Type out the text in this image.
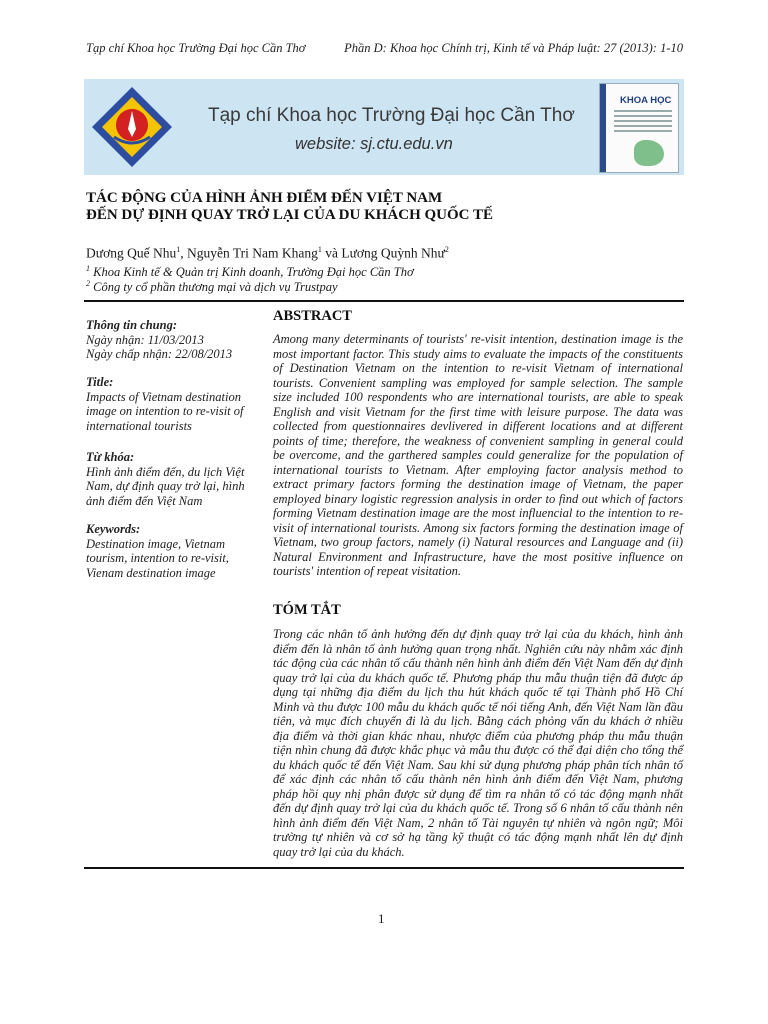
Tạp chí Khoa học Trường Đại học Cần Thơ	Phần D: Khoa học Chính trị, Kinh tế và Pháp luật: 27 (2013): 1-10
Tạp chí Khoa học Trường Đại học Cần Thơ
website: sj.ctu.edu.vn
KHOA HỌC
TÁC ĐỘNG CỦA HÌNH ẢNH ĐIỂM ĐẾN VIỆT NAM
ĐẾN DỰ ĐỊNH QUAY TRỞ LẠI CỦA DU KHÁCH QUỐC TẾ
Dương Quế Nhu$^1$, Nguyễn Tri Nam Khang$^1$ và Lương Quỳnh Như$^2$
$^1$ Khoa Kinh tế & Quản trị Kinh doanh, Trường Đại học Cần Thơ
$^2$ Công ty cổ phần thương mại và dịch vụ Trustpay
Thông tin chung:
Ngày nhận: 11/03/2013
Ngày chấp nhận: 22/08/2013
Title:
Impacts of Vietnam destination image on intention to re-visit of international tourists
Từ khóa:
Hình ảnh điểm đến, du lịch Việt Nam, dự định quay trở lại, hình ảnh điểm đến Việt Nam
Keywords:
Destination image, Vietnam tourism, intention to re-visit, Vienam destination image
ABSTRACT
Among many determinants of tourists' re-visit intention, destination image is the most important factor. This study aims to evaluate the impacts of the constituents of Destination Vietnam on the intention to re-visit Vietnam of international tourists. Convenient sampling was employed for sample selection. The sample size included 100 respondents who are international tourists, are able to speak English and visit Vietnam for the first time with leisure purpose. The data was collected from questionnaires devlivered in different locations and at different points of time; therefore, the weakness of convenient sampling in general could be overcome, and the garthered samples could generalize for the population of international tourists to Vietnam. After employing factor analysis method to extract primary factors forming the destination image of Vietnam, the paper employed binary logistic regression analysis in order to find out which of factors forming Vietnam destination image are the most influencial to the intention to re-visit of international tourists. Among six factors forming the destination image of Vietnam, two group factors, namely (i) Natural resources and Language and (ii) Natural Environment and Infrastructure, have the most positive influence on tourists' intention of repeat visitation.
TÓM TẮT
Trong các nhân tố ảnh hưởng đến dự định quay trở lại của du khách, hình ảnh điểm đến là nhân tố ảnh hưởng quan trọng nhất. Nghiên cứu này nhằm xác định tác động của các nhân tố cấu thành nên hình ảnh điểm đến Việt Nam đến dự định quay trở lại của du khách quốc tế. Phương pháp thu mẫu thuận tiện đã được áp dụng tại những địa điểm du lịch thu hút khách quốc tế tại Thành phố Hồ Chí Minh và thu được 100 mẫu du khách quốc tế nói tiếng Anh, đến Việt Nam lần đầu tiên, và mục đích chuyến đi là du lịch. Bằng cách phỏng vấn du khách ở nhiều địa điểm và thời gian khác nhau, nhược điểm của phương pháp thu mẫu thuận tiện nhìn chung đã được khắc phục và mẫu thu được có thể đại diện cho tổng thể du khách quốc tế đến Việt Nam. Sau khi sử dụng phương pháp phân tích nhân tố để xác định các nhân tố cấu thành nên hình ảnh điểm đến Việt Nam, phương pháp hồi quy nhị phân được sử dụng để tìm ra nhân tố có tác động mạnh nhất đến dự định quay trở lại của du khách quốc tế. Trong số 6 nhân tố cấu thành nên hình ảnh điểm đến Việt Nam, 2 nhân tố Tài nguyên tự nhiên và ngôn ngữ; Môi trường tự nhiên và cơ sở hạ tầng kỹ thuật có tác động mạnh nhất lên dự định quay trở lại của du khách.
1
